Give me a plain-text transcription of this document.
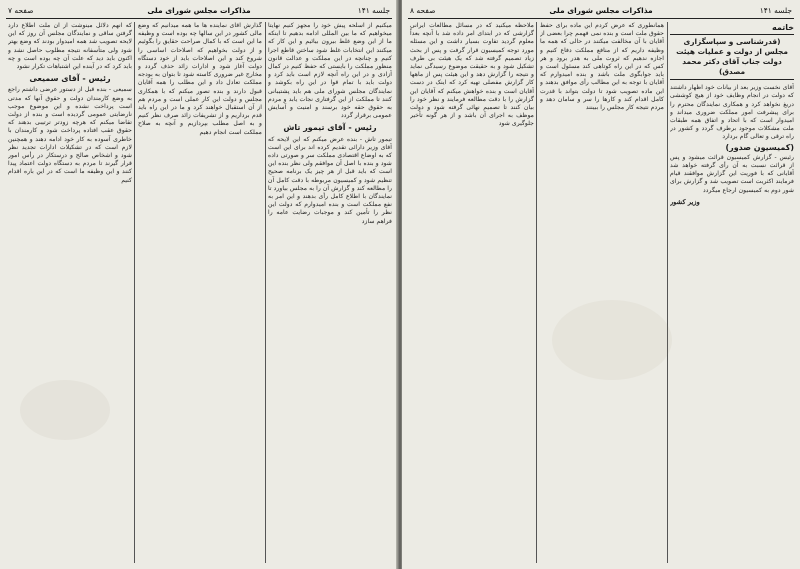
جلسه ۱۴۱
مذاکرات مجلس شورای ملی
صفحه ۷

میکنیم از اسلحه پیش خود را مجهز کنیم نهایتاً میخواهیم که ما بین المللی ادامه بدهیم تا اینکه ما از این وضع غلط بیرون بیائیم و این کار که میکنند این انتخابات غلط شود ساختن قاطع اجرا کنیم و چنانچه در این مملکت و عدالت قانون منظور مملکت را بایستی که حفظ کنیم در کمال آزادی و در این راه آنچه لازم است باید کرد و دولت باید با تمام قوا در این راه بکوشد و نمایندگان مجلس شورای ملی هم باید پشتیبانی کنند تا مملکت از این گرفتاری نجات یابد و مردم به حقوق حقه خود برسند و امنیت و آسایش عمومی برقرار گردد

رئیس - آقای تیمور تاش

تیمور تاش - بنده عرض میکنم که این لایحه که آقای وزیر دارائی تقدیم کرده اند برای این است که به اوضاع اقتصادی مملکت سر و صورتی داده شود و بنده با اصل آن موافقم ولی نظر بنده این است که باید قبل از هر چیز یک برنامه صحیح تنظیم شود و کمیسیون مربوطه با دقت کامل آن را مطالعه کند و گزارش آن را به مجلس بیاورد تا نمایندگان با اطلاع کامل رأی بدهند و این امر به نفع مملکت است و بنده امیدوارم که دولت این نظر را تأمین کند و موجبات رضایت عامه را فراهم سازد

گذارش آقای نماینده ها ما همه میدانیم که وضع مالی کشور در این سالها چه بوده است و وظیفه ما این است که با کمال صراحت حقایق را بگوئیم و از دولت بخواهیم که اصلاحات اساسی را شروع کند و این اصلاحات باید از خود دستگاه دولت آغاز شود و ادارات زائد حذف گردد و مخارج غیر ضروری کاسته شود تا بتوان به بودجه مملکت تعادل داد و این مطلب را همه آقایان قبول دارند و بنده تصور میکنم که با همکاری مجلس و دولت این کار عملی است و مردم هم از آن استقبال خواهند کرد و ما در این راه باید قدم برداریم و از تشریفات زائد صرف نظر کنیم و به اصل مطلب بپردازیم و آنچه به صلاح مملکت است انجام دهیم

که آنهم دلائل مینوشت از آن ملت اطلاع دارد گرفتن ساقی و نمایندگان مجلس آن روز که این لایحه تصویب شد همه امیدوار بودند که وضع بهتر شود ولی متأسفانه نتیجه مطلوب حاصل نشد و اکنون باید دید که علت آن چه بوده است و چه باید کرد که در آینده این اشتباهات تکرار نشود

رئیس - آقای سمیعی

سمیعی - بنده قبل از دستور عرضی داشتم راجع به وضع کارمندان دولت و حقوق آنها که مدتی است پرداخت نشده و این موضوع موجب نارضایتی عمومی گردیده است و بنده از دولت تقاضا میکنم که هرچه زودتر ترتیبی بدهند که حقوق عقب افتاده پرداخت شود و کارمندان با خاطری آسوده به کار خود ادامه دهند و همچنین لازم است که در تشکیلات ادارات تجدید نظر شود و اشخاص صالح و درستکار در رأس امور قرار گیرند تا مردم به دستگاه دولت اعتماد پیدا کنند و این وظیفه ما است که در این باره اقدام کنیم

جلسه ۱۴۱
مذاکرات مجلس شورای ملی
صفحه ۸
خاتمه
(قدرشناسی و سپاسگزاری مجلس از دولت و عملیات هیئت دولت جناب آقای دکتر محمد مصدق)

آقای نخست وزیر بعد از بیانات خود اظهار داشتند که دولت در انجام وظایف خود از هیچ کوششی دریغ نخواهد کرد و همکاری نمایندگان محترم را برای پیشرفت امور مملکت ضروری میداند و امیدوار است که با اتحاد و اتفاق همه طبقات ملت مشکلات موجود برطرف گردد و کشور در راه ترقی و تعالی گام بردارد

(کمیسیون صدور)

رئیس - گزارش کمیسیون قرائت میشود و پس از قرائت نسبت به آن رأی گرفته خواهد شد آقایانی که با فوریت این گزارش موافقند قیام فرمایند اکثریت است تصویب شد و گزارش برای شور دوم به کمیسیون ارجاع میگردد

وزیر کشور

همانطوری که عرض کردم این ماده برای حفظ حقوق ملت است و بنده نمی فهمم چرا بعضی از آقایان با آن مخالفت میکنند در حالی که همه ما وظیفه داریم که از منافع مملکت دفاع کنیم و اجازه ندهیم که ثروت ملی به هدر برود و هر کس که در این راه کوتاهی کند مسئول است و باید جوابگوی ملت باشد و بنده امیدوارم که آقایان با توجه به این مطالب رأی موافق بدهند و این ماده تصویب شود تا دولت بتواند با قدرت کامل اقدام کند و کارها را سر و سامان دهد و مردم نتیجه کار مجلس را ببینند

ملاحظه میکنید که در مسائل مطالعات ایرانی گزارشی که در ابتدای امر داده شد با آنچه بعداً معلوم گردید تفاوت بسیار داشت و این مسئله مورد توجه کمیسیون قرار گرفت و پس از بحث زیاد تصمیم گرفته شد که یک هیئت بی طرف تشکیل شود و به حقیقت موضوع رسیدگی نماید و نتیجه را گزارش دهد و این هیئت پس از ماهها کار گزارش مفصلی تهیه کرد که اینک در دست آقایان است و بنده خواهش میکنم که آقایان این گزارش را با دقت مطالعه فرمایند و نظر خود را بیان کنند تا تصمیم نهائی گرفته شود و دولت موظف به اجرای آن باشد و از هر گونه تأخیر جلوگیری شود
